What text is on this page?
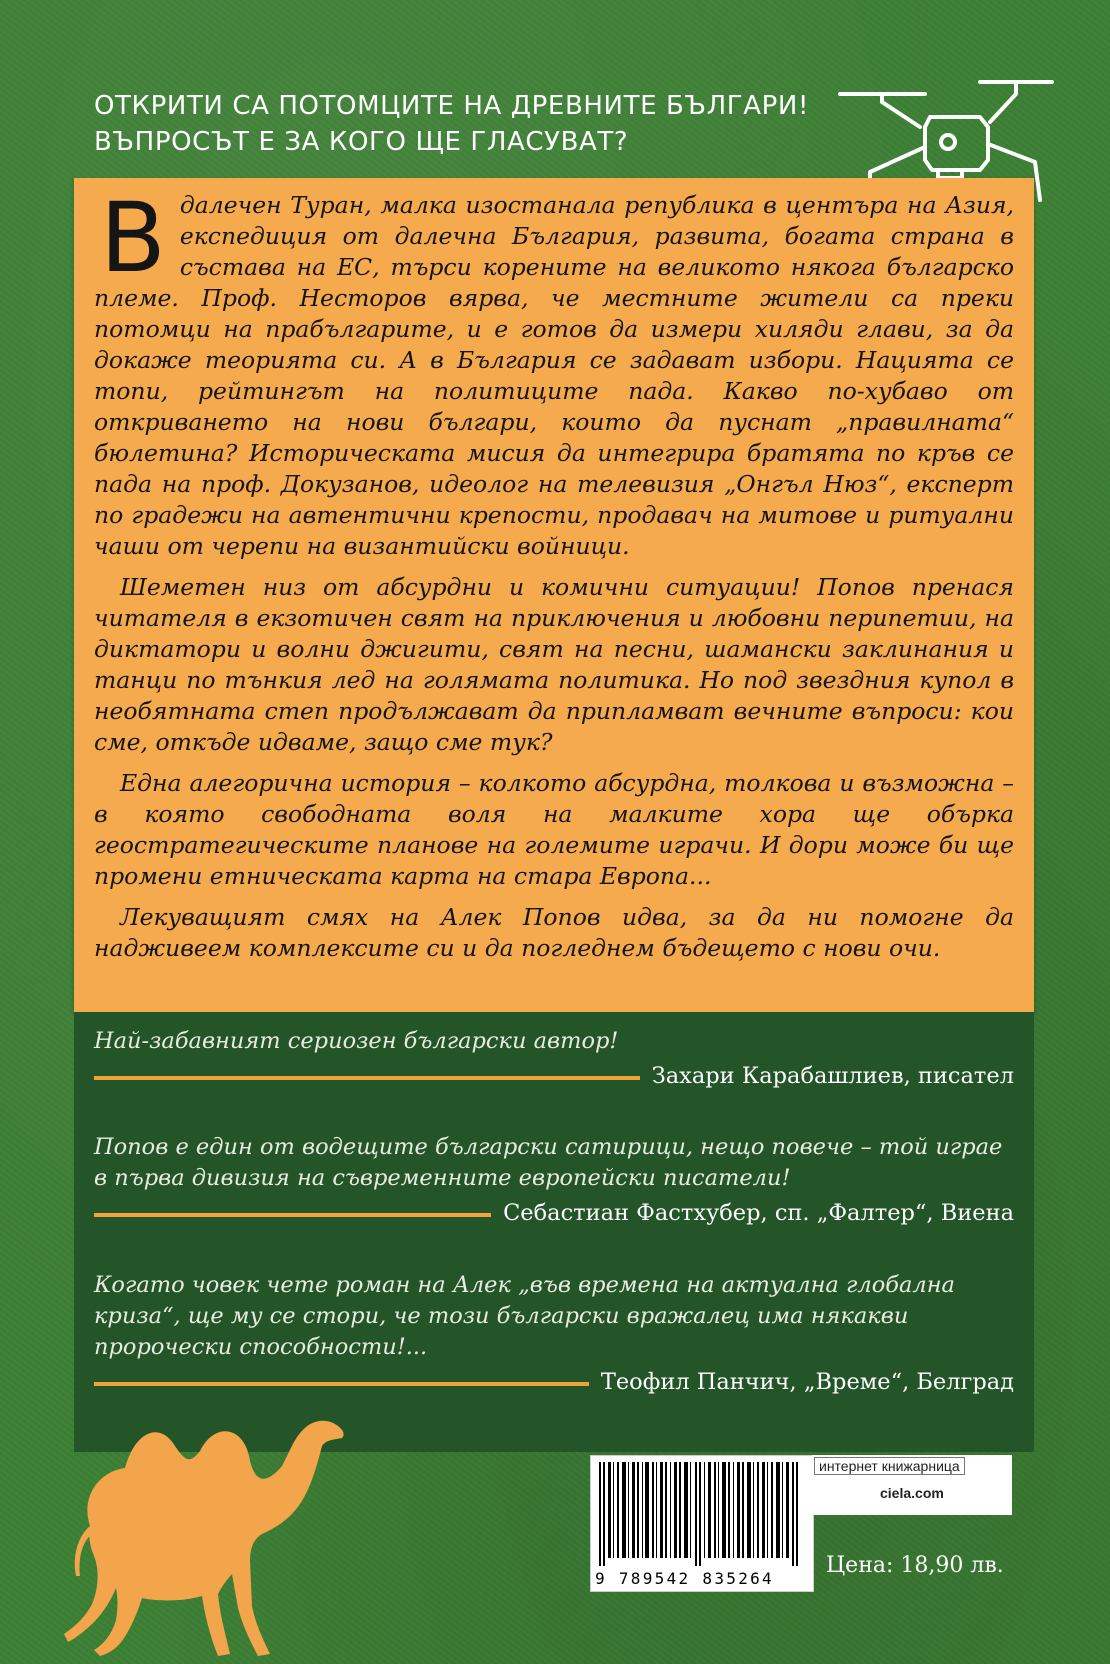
ОТКРИТИ СА ПОТОМЦИТЕ НА ДРЕВНИТЕ БЪЛГАРИ!
ВЪПРОСЪТ Е ЗА КОГО ЩЕ ГЛАСУВАТ?

Вдалечен Туран, малка изостанала република в центъра на Азия, експедиция от далечна България, развита, богата страна в състава на ЕС, търси корените на великото някога българско племе. Проф. Несторов вярва, че местните жители са преки потомци на прабългарите, и е готов да измери хиляди глави, за да докаже теорията си. А в България се задават избори. Нацията се топи, рейтингът на политиците пада. Какво по-хубаво от откриването на нови българи, които да пуснат „правилната“ бюлетина? Историческата мисия да интегрира братята по кръв се пада на проф. Докузанов, идеолог на телевизия „Онгъл Нюз“, експерт по градежи на автентични крепости, продавач на митове и ритуални чаши от черепи на византийски войници.

Шеметен низ от абсурдни и комични ситуации! Попов пренася читателя в екзотичен свят на приключения и любовни перипетии, на диктатори и волни джигити, свят на песни, шамански заклинания и танци по тънкия лед на голямата политика. Но под звездния купол в необятната степ продължават да припламват вечните въпроси: кои сме, откъде идваме, защо сме тук?

Една алегорична история – колкото абсурдна, толкова и възможна – в която свободната воля на малките хора ще обърка геостратегическите планове на големите играчи. И дори може би ще промени етническата карта на стара Европа...

Лекуващият смях на Алек Попов идва, за да ни помогне да надживеем комплексите си и да погледнем бъдещето с нови очи.

Най-забавният сериозен български автор!
Захари Карабашлиев, писател
Попов е един от водещите български сатирици, нещо повече – той играе в първа дивизия на съвременните европейски писатели!
Себастиан Фастхубер, сп. „Фалтер“, Виена
Когато човек чете роман на Алек „във времена на актуална глобална криза“, ще му се стори, че този български вражалец има някакви пророчески способности!...
Теофил Панчич, „Време“, Белград
9 789542 835264
интернет книжарница
ciela.com
Цена: 18,90 лв.
